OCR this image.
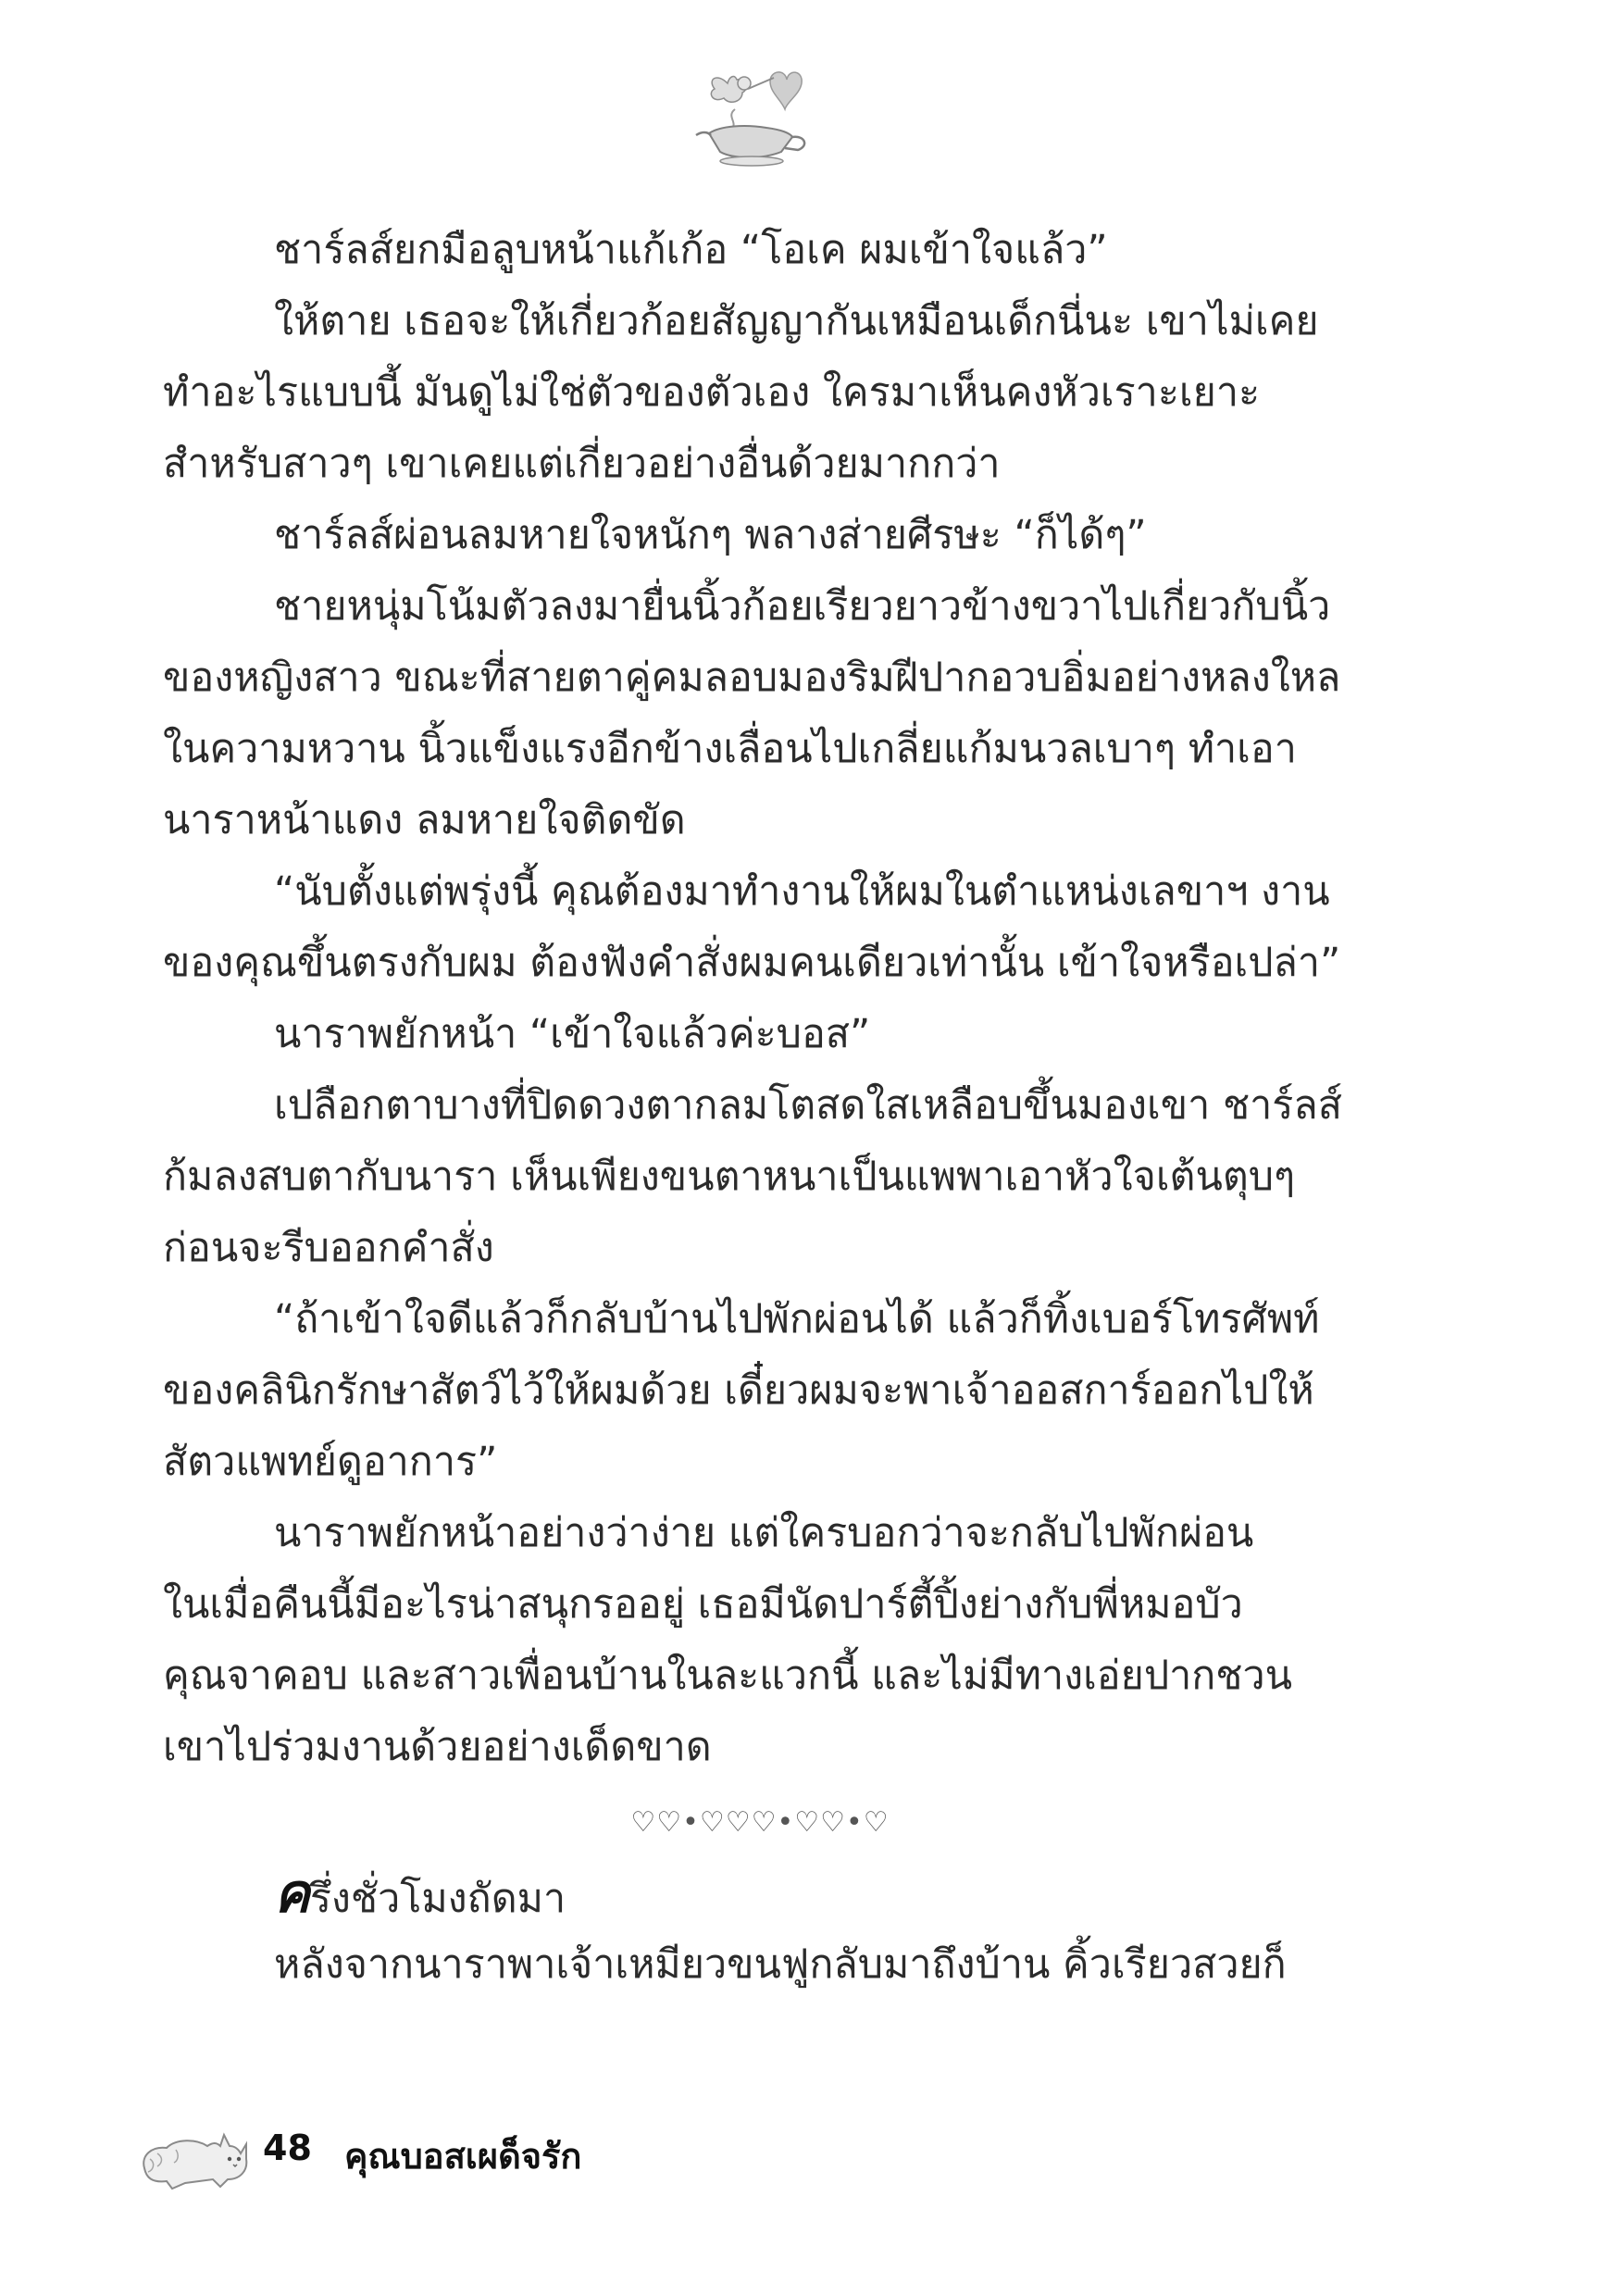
ชาร์ลส์ยกมือลูบหน้าแก้เก้อ “โอเค ผมเข้าใจแล้ว”
ให้ตาย เธอจะให้เกี่ยวก้อยสัญญากันเหมือนเด็กนี่นะ เขาไม่เคย
ทำอะไรแบบนี้ มันดูไม่ใช่ตัวของตัวเอง ใครมาเห็นคงหัวเราะเยาะ
สำหรับสาวๆ เขาเคยแต่เกี่ยวอย่างอื่นด้วยมากกว่า
ชาร์ลส์ผ่อนลมหายใจหนักๆ พลางส่ายศีรษะ “ก็ได้ๆ”
ชายหนุ่มโน้มตัวลงมายื่นนิ้วก้อยเรียวยาวข้างขวาไปเกี่ยวกับนิ้ว
ของหญิงสาว ขณะที่สายตาคู่คมลอบมองริมฝีปากอวบอิ่มอย่างหลงใหล
ในความหวาน นิ้วแข็งแรงอีกข้างเลื่อนไปเกลี่ยแก้มนวลเบาๆ ทำเอา
นาราหน้าแดง ลมหายใจติดขัด
“นับตั้งแต่พรุ่งนี้ คุณต้องมาทำงานให้ผมในตำแหน่งเลขาฯ งาน
ของคุณขึ้นตรงกับผม ต้องฟังคำสั่งผมคนเดียวเท่านั้น เข้าใจหรือเปล่า”
นาราพยักหน้า “เข้าใจแล้วค่ะบอส”
เปลือกตาบางที่ปิดดวงตากลมโตสดใสเหลือบขึ้นมองเขา ชาร์ลส์
ก้มลงสบตากับนารา เห็นเพียงขนตาหนาเป็นแพพาเอาหัวใจเต้นตุบๆ
ก่อนจะรีบออกคำสั่ง
“ถ้าเข้าใจดีแล้วก็กลับบ้านไปพักผ่อนได้ แล้วก็ทิ้งเบอร์โทรศัพท์
ของคลินิกรักษาสัตว์ไว้ให้ผมด้วย เดี๋ยวผมจะพาเจ้าออสการ์ออกไปให้
สัตวแพทย์ดูอาการ”
นาราพยักหน้าอย่างว่าง่าย แต่ใครบอกว่าจะกลับไปพักผ่อน
ในเมื่อคืนนี้มีอะไรน่าสนุกรออยู่ เธอมีนัดปาร์ตี้ปิ้งย่างกับพี่หมอบัว
คุณจาคอบ และสาวเพื่อนบ้านในละแวกนี้ และไม่มีทางเอ่ยปากชวน
เขาไปร่วมงานด้วยอย่างเด็ดขาด
♡♡•♡♡♡•♡♡•♡
ครึ่งชั่วโมงถัดมา
หลังจากนาราพาเจ้าเหมียวขนฟูกลับมาถึงบ้าน คิ้วเรียวสวยก็
48 คุณบอสเผด็จรัก
